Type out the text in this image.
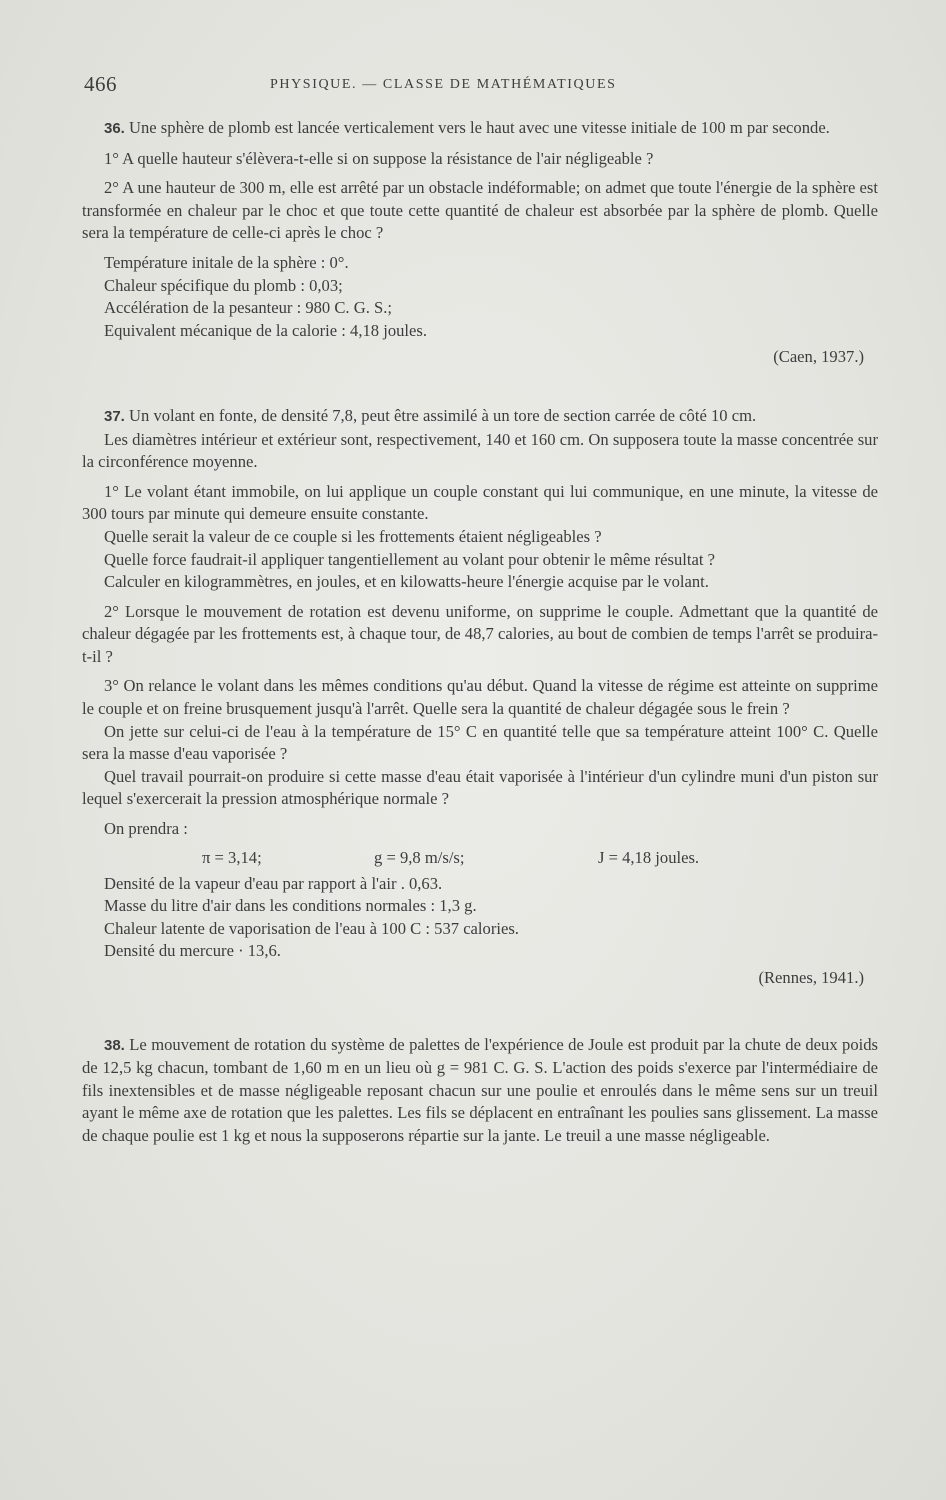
466	PHYSIQUE. — CLASSE DE MATHÉMATIQUES

36. Une sphère de plomb est lancée verticalement vers le haut avec une vitesse initiale de 100 m par seconde.

1° A quelle hauteur s'élèvera-t-elle si on suppose la résistance de l'air négligeable ?

2° A une hauteur de 300 m, elle est arrêté par un obstacle indéformable; on admet que toute l'énergie de la sphère est transformée en chaleur par le choc et que toute cette quantité de chaleur est absorbée par la sphère de plomb. Quelle sera la température de celle-ci après le choc ?

Température initale de la sphère : 0°.

Chaleur spécifique du plomb : 0,03;

Accélération de la pesanteur : 980 C. G. S.;

Equivalent mécanique de la calorie : 4,18 joules.

(Caen, 1937.)

37. Un volant en fonte, de densité 7,8, peut être assimilé à un tore de section carrée de côté 10 cm.

Les diamètres intérieur et extérieur sont, respectivement, 140 et 160 cm. On supposera toute la masse concentrée sur la circonférence moyenne.

1° Le volant étant immobile, on lui applique un couple constant qui lui communique, en une minute, la vitesse de 300 tours par minute qui demeure ensuite constante.

Quelle serait la valeur de ce couple si les frottements étaient négligeables ?

Quelle force faudrait-il appliquer tangentiellement au volant pour obtenir le même résultat ?

Calculer en kilogrammètres, en joules, et en kilowatts-heure l'énergie acquise par le volant.

2° Lorsque le mouvement de rotation est devenu uniforme, on supprime le couple. Admettant que la quantité de chaleur dégagée par les frottements est, à chaque tour, de 48,7 calories, au bout de combien de temps l'arrêt se produira-t-il ?

3° On relance le volant dans les mêmes conditions qu'au début. Quand la vitesse de régime est atteinte on supprime le couple et on freine brusquement jusqu'à l'arrêt. Quelle sera la quantité de chaleur dégagée sous le frein ?

On jette sur celui-ci de l'eau à la température de 15° C en quantité telle que sa température atteint 100° C. Quelle sera la masse d'eau vaporisée ?

Quel travail pourrait-on produire si cette masse d'eau était vaporisée à l'intérieur d'un cylindre muni d'un piston sur lequel s'exercerait la pression atmosphérique normale ?

On prendra :

π = 3,14;	g = 9,8 m/s/s;	J = 4,18 joules.

Densité de la vapeur d'eau par rapport à l'air . 0,63.

Masse du litre d'air dans les conditions normales : 1,3 g.

Chaleur latente de vaporisation de l'eau à 100 C : 537 calories.

Densité du mercure · 13,6.

(Rennes, 1941.)

38. Le mouvement de rotation du système de palettes de l'expérience de Joule est produit par la chute de deux poids de 12,5 kg chacun, tombant de 1,60 m en un lieu où g = 981 C. G. S. L'action des poids s'exerce par l'intermédiaire de fils inextensibles et de masse négligeable reposant chacun sur une poulie et enroulés dans le même sens sur un treuil ayant le même axe de rotation que les palettes. Les fils se déplacent en entraînant les poulies sans glissement. La masse de chaque poulie est 1 kg et nous la supposerons répartie sur la jante. Le treuil a une masse négligeable.
